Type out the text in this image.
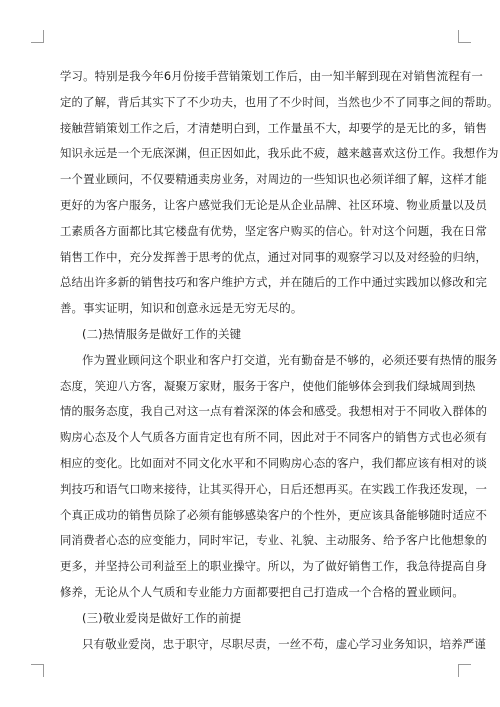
学习。特别是我今年6月份接手营销策划工作后，由一知半解到现在对销售流程有一
定的了解，背后其实下了不少功夫，也用了不少时间，当然也少不了同事之间的帮助。
接触营销策划工作之后，才清楚明白到，工作量虽不大，却要学的是无比的多，销售
知识永远是一个无底深渊，但正因如此，我乐此不疲，越来越喜欢这份工作。我想作为
一个置业顾问，不仅要精通卖房业务，对周边的一些知识也必须详细了解，这样才能
更好的为客户服务，让客户感觉我们无论是从企业品牌、社区环境、物业质量以及员
工素质各方面都比其它楼盘有优势，坚定客户购买的信心。针对这个问题，我在日常
销售工作中，充分发挥善于思考的优点，通过对同事的观察学习以及对经验的归纳，
总结出许多新的销售技巧和客户维护方式，并在随后的工作中通过实践加以修改和完
善。事实证明，知识和创意永远是无穷无尽的。
(二)热情服务是做好工作的关键
作为置业顾问这个职业和客户打交道，光有勤奋是不够的，必须还要有热情的服务
态度，笑迎八方客，凝聚万家财，服务于客户，使他们能够体会到我们绿城周到热
情的服务态度，我自己对这一点有着深深的体会和感受。我想相对于不同收入群体的
购房心态及个人气质各方面肯定也有所不同，因此对于不同客户的销售方式也必须有
相应的变化。比如面对不同文化水平和不同购房心态的客户，我们都应该有相对的谈
判技巧和语气口吻来接待，让其买得开心，日后还想再买。在实践工作我还发现，一
个真正成功的销售员除了必须有能够感染客户的个性外，更应该具备能够随时适应不
同消费者心态的应变能力，同时牢记，专业、礼貌、主动服务、给予客户比他想象的
更多，并坚持公司利益至上的职业操守。所以，为了做好销售工作，我急待提高自身
修养，无论从个人气质和专业能力方面都要把自己打造成一个合格的置业顾问。
(三)敬业爱岗是做好工作的前提
只有敬业爱岗，忠于职守，尽职尽责，一丝不苟，虚心学习业务知识，培养严谨
